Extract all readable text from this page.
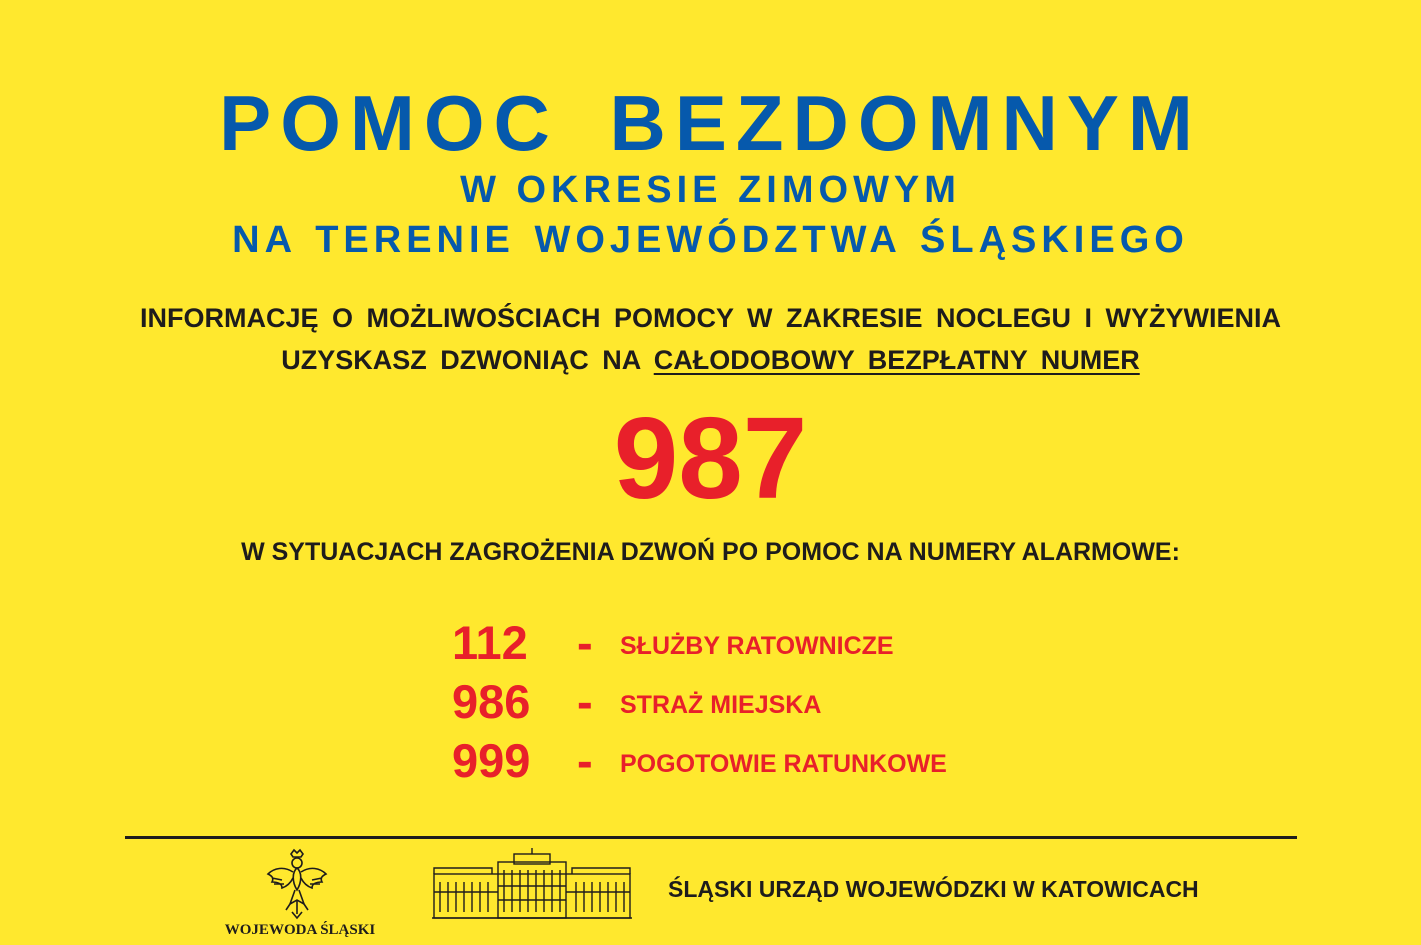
POMOC BEZDOMNYM
W OKRESIE ZIMOWYM
NA TERENIE WOJEWÓDZTWA ŚLĄSKIEGO
INFORMACJĘ O MOŻLIWOŚCIACH POMOCY W ZAKRESIE NOCLEGU I WYŻYWIENIA
UZYSKASZ DZWONIĄC NA CAŁODOBOWY BEZPŁATNY NUMER
987
W SYTUACJACH ZAGROŻENIA DZWOŃ PO POMOC NA NUMERY ALARMOWE:
112 - SŁUŻBY RATOWNICZE
986 - STRAŻ MIEJSKA
999 - POGOTOWIE RATUNKOWE
WOJEWODA ŚLĄSKI
ŚLĄSKI URZĄD WOJEWÓDZKI W KATOWICACH
